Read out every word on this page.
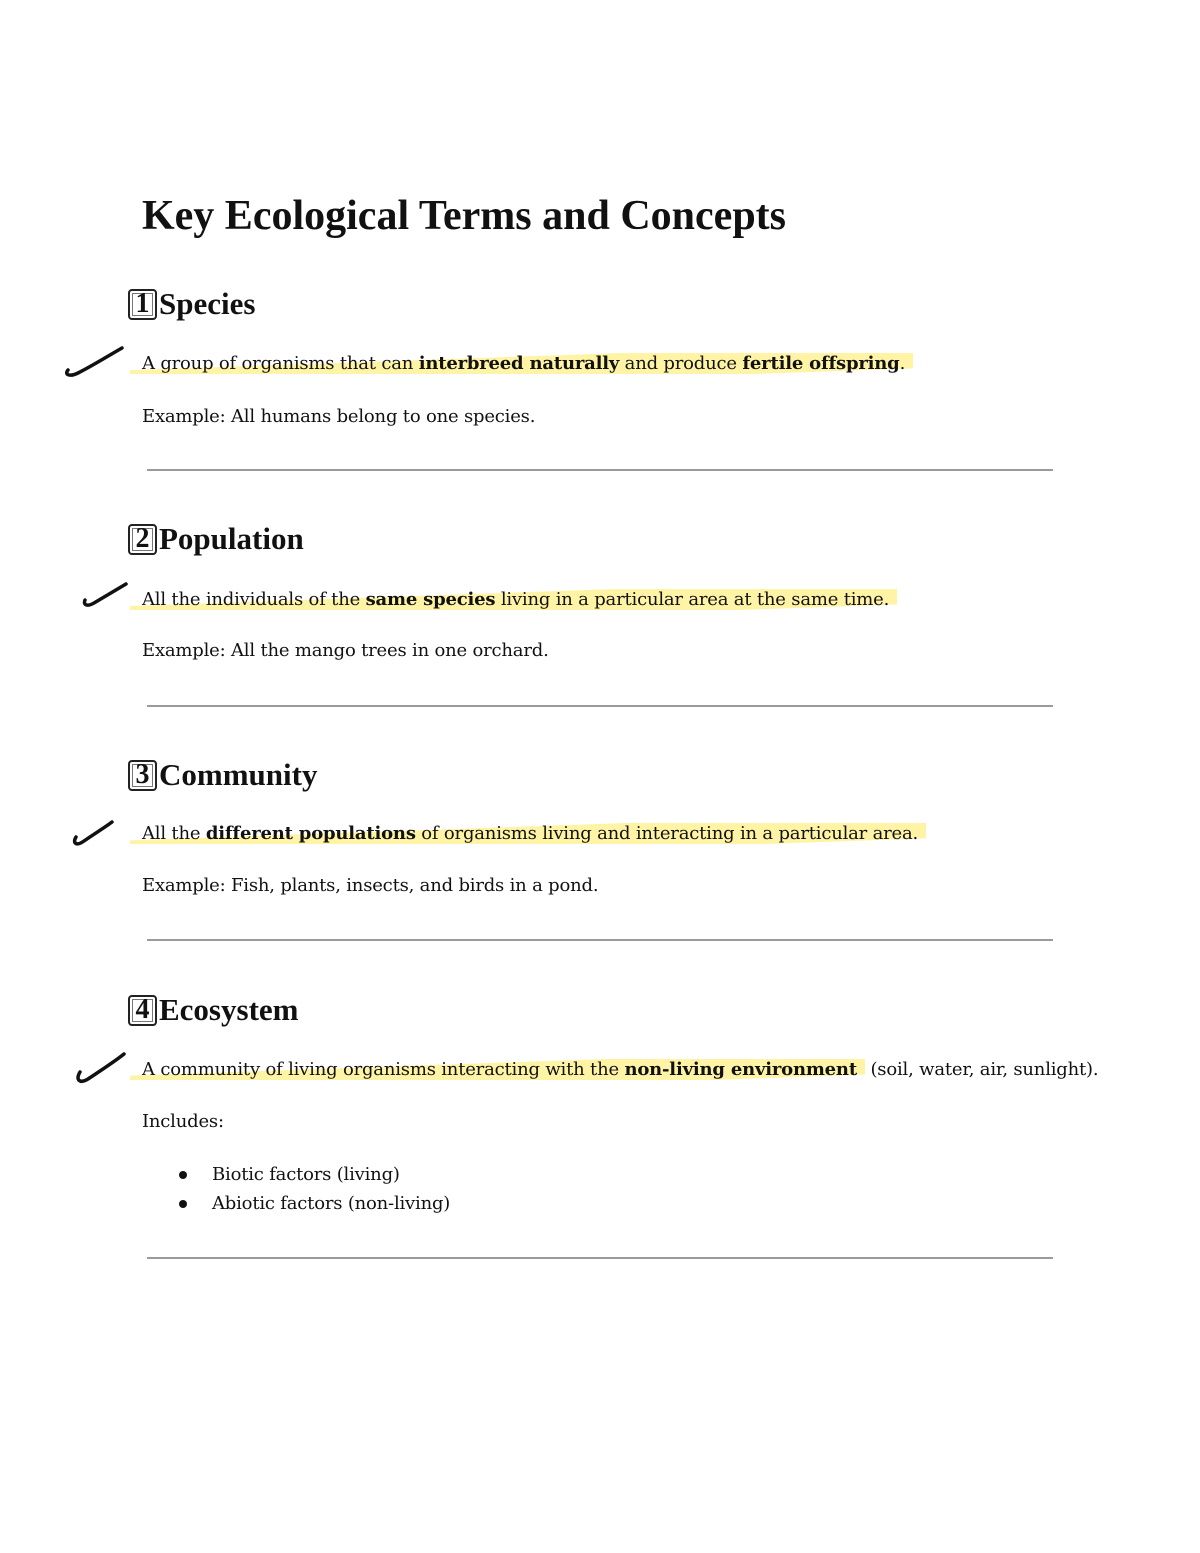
Key Ecological Terms and Concepts
1 Species

A group of organisms that can interbreed naturally and produce fertile offspring.

Example: All humans belong to one species.

2 Population

All the individuals of the same species living in a particular area at the same time.

Example: All the mango trees in one orchard.

3 Community

All the different populations of organisms living and interacting in a particular area.

Example: Fish, plants, insects, and birds in a pond.

4 Ecosystem

A community of living organisms interacting with the non-living environment (soil, water, air, sunlight).

Includes:

Biotic factors (living)
Abiotic factors (non-living)
